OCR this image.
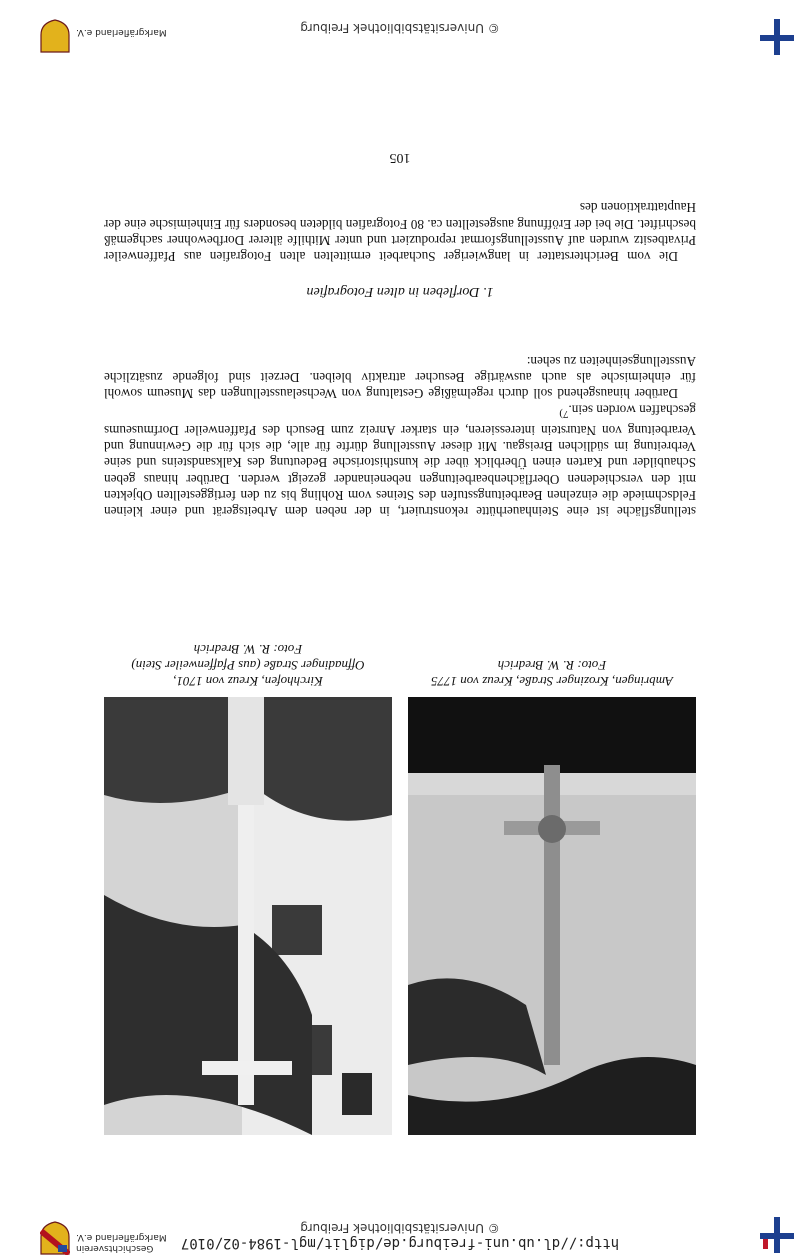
http://dl.ub.uni-freiburg.de/diglit/mgl-1984-02/0107
© Universitätsbibliothek Freiburg
Geschichtsverein
Markgräflerland e.V.
Ambringen, Krozinger Straße, Kreuz von 1775
Foto: R. W. Bredrich
Kirchhofen, Kreuz von 1701,
Offnadinger Straße (aus Pfaffenweiler Stein)
Foto: R. W. Bredrich
stellungsfläche ist eine Steinhauerhütte rekonstruiert, in der neben dem Arbeitsgerät und einer kleinen Feldschmiede die einzelnen Bearbeitungsstufen des Steines vom Rohling bis zu den fertiggestellten Objekten mit den verschiedenen Oberflächenbearbeitungen nebeneinander gezeigt werden. Darüber hinaus geben Schaubilder und Karten einen Überblick über die kunsthistorische Bedeutung des Kalksandsteins und seine Verbreitung im südlichen Breisgau. Mit dieser Ausstellung dürfte für alle, die sich für die Gewinnung und Verarbeitung von Naturstein interessieren, ein starker Anreiz zum Besuch des Pfaffenweiler Dorfmuseums geschaffen worden sein.$^{7)}$
Darüber hinausgehend soll durch regelmäßige Gestaltung von Wechselausstellungen das Museum sowohl für einheimische als auch auswärtige Besucher attraktiv bleiben. Derzeit sind folgende zusätzliche Ausstellungseinheiten zu sehen:
1. Dorfleben in alten Fotografien
Die vom Berichterstatter in langwieriger Sucharbeit ermittelten alten Fotografien aus Pfaffenweiler Privatbesitz wurden auf Ausstellungsformat reproduziert und unter Mithilfe älterer Dorfbewohner sachgemäß beschriftet. Die bei der Eröffnung ausgestellten ca. 80 Fotografien bildeten besonders für Einheimische eine der Hauptattraktionen des
105
© Universitätsbibliothek Freiburg
Markgräflerland e.V.
